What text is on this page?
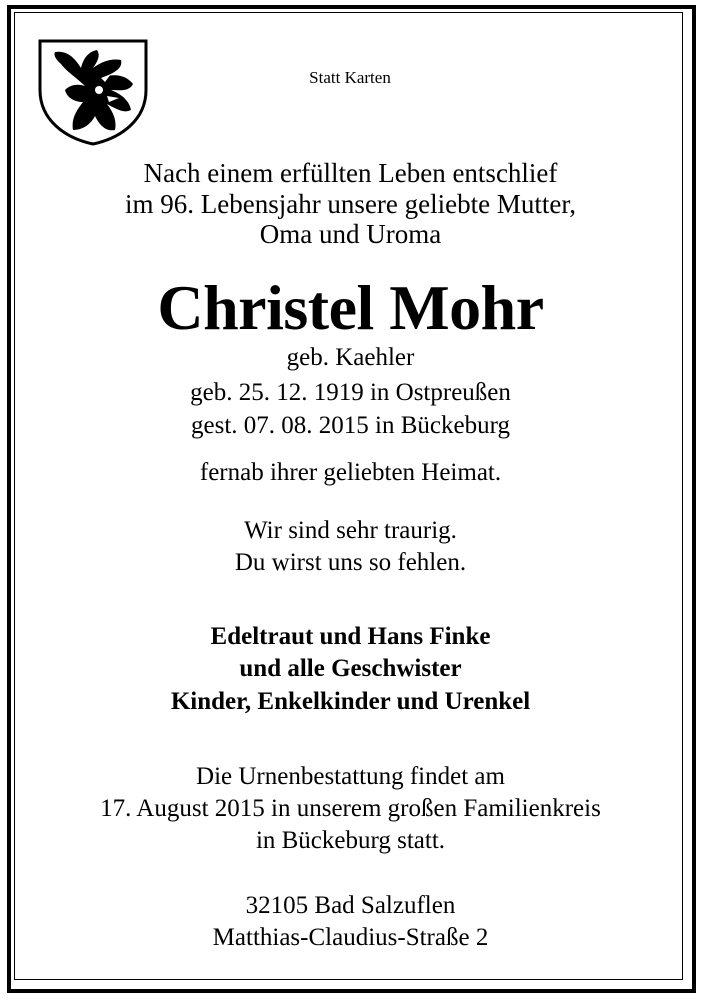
Statt Karten
Nach einem erfüllten Leben entschlief
im 96. Lebensjahr unsere geliebte Mutter,
Oma und Uroma
Christel Mohr
geb. Kaehler
geb. 25. 12. 1919 in Ostpreußen
gest. 07. 08. 2015 in Bückeburg
fernab ihrer geliebten Heimat.
Wir sind sehr traurig.
Du wirst uns so fehlen.
Edeltraut und Hans Finke
und alle Geschwister
Kinder, Enkelkinder und Urenkel
Die Urnenbestattung findet am
17. August 2015 in unserem großen Familienkreis
in Bückeburg statt.
32105 Bad Salzuflen
Matthias-Claudius-Straße 2
